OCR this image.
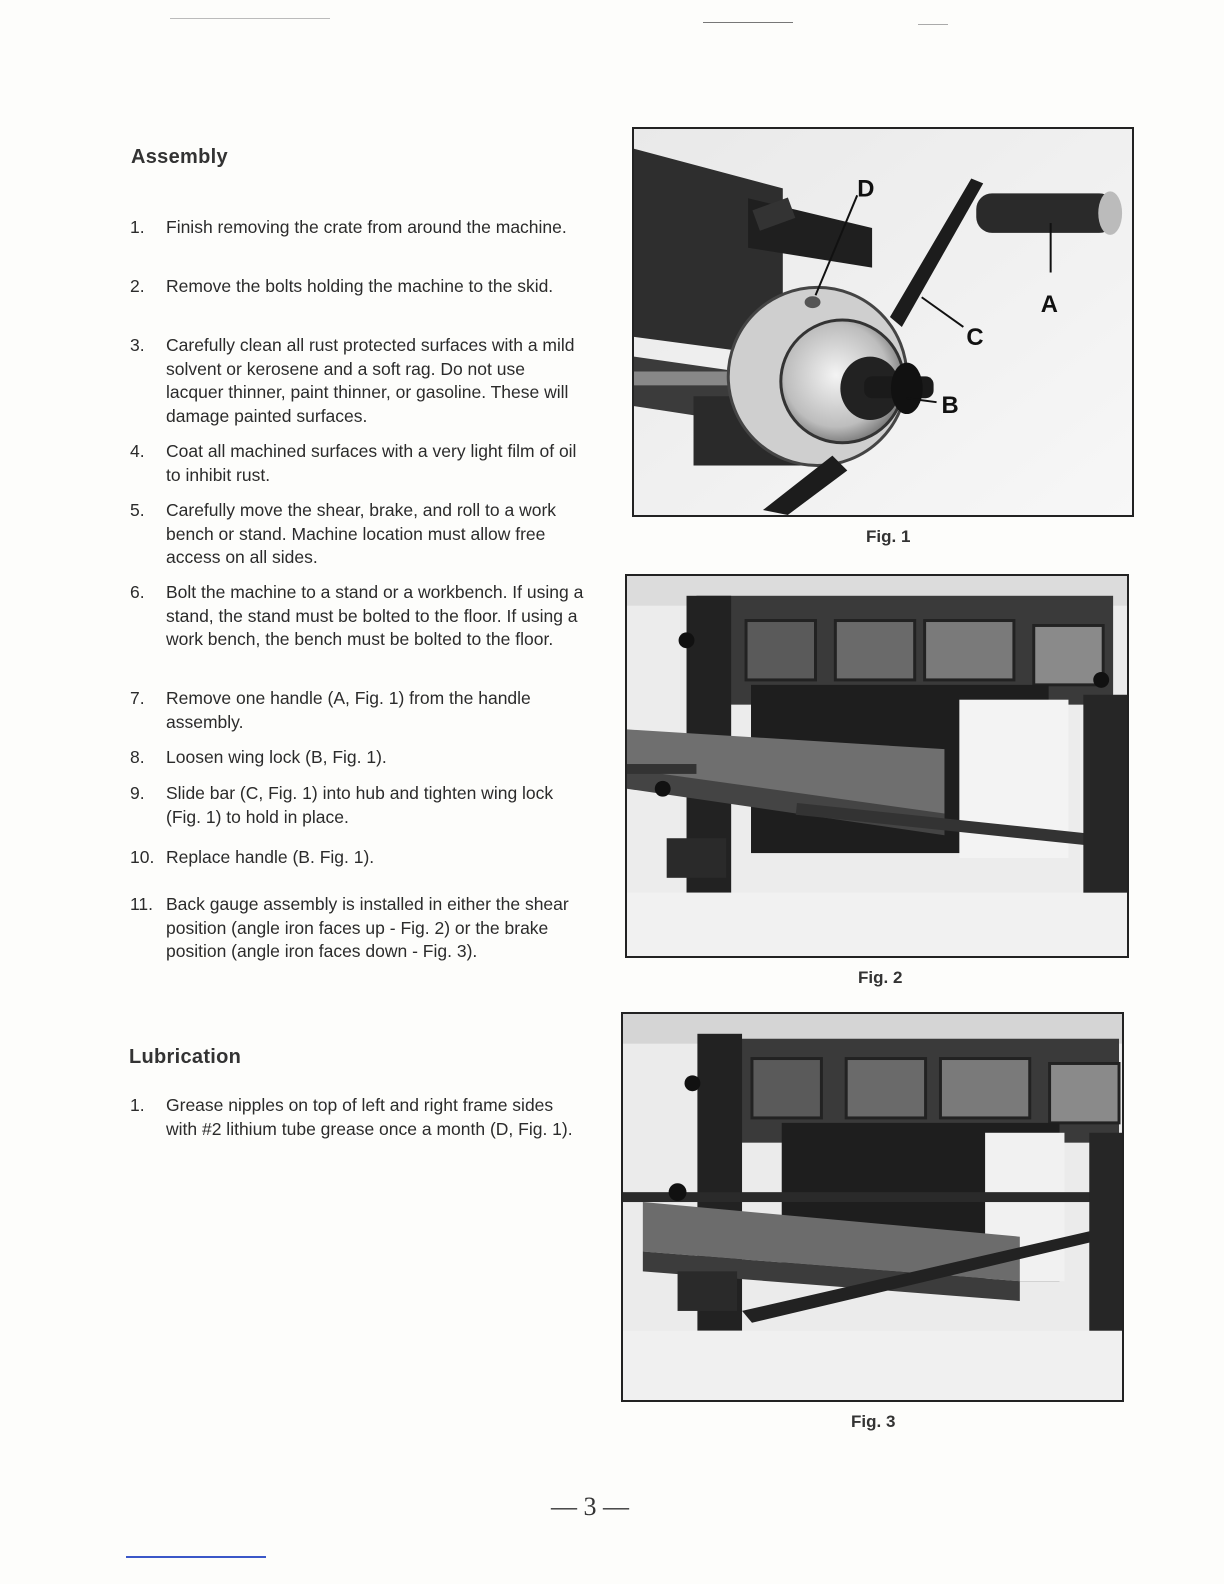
Assembly
1.	Finish removing the crate from around the machine.
2.	Remove the bolts holding the machine to the skid.
3.	Carefully clean all rust protected surfaces with a mild solvent or kerosene and a soft rag. Do not use lacquer thinner, paint thinner, or gasoline. These will damage painted surfaces.
4.	Coat all machined surfaces with a very light film of oil to inhibit rust.
5.	Carefully move the shear, brake, and roll to a work bench or stand. Machine location must allow free access on all sides.
6.	Bolt the machine to a stand or a workbench. If using a stand, the stand must be bolted to the floor. If using a work bench, the bench must be bolted to the floor.
7.	Remove one handle (A, Fig. 1) from the handle assembly.
8.	Loosen wing lock (B, Fig. 1).
9.	Slide bar (C, Fig. 1) into hub and tighten wing lock (Fig. 1) to hold in place.
10. Replace handle (B. Fig. 1).
11. Back gauge assembly is installed in either the shear position (angle iron faces up - Fig. 2) or the brake position (angle iron faces down - Fig. 3).
Lubrication
1.	Grease nipples on top of left and right frame sides with #2 lithium tube grease once a month (D, Fig. 1).
D
A
C
B
Fig. 1
Fig. 2
Fig. 3
— 3 —
